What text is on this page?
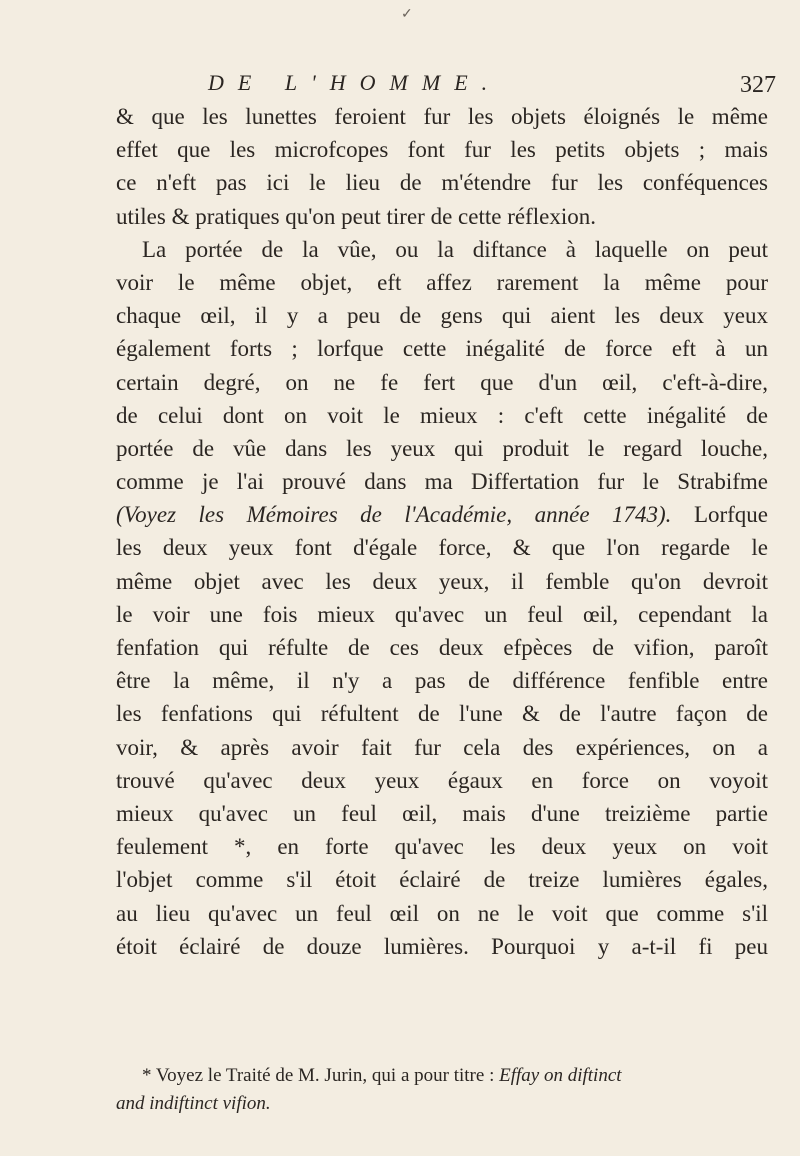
✓
DE L'HOMME.	327
& que les lunettes feroient fur les objets éloignés le même
effet que les microfcopes font fur les petits objets ; mais
ce n'eft pas ici le lieu de m'étendre fur les conféquences
utiles & pratiques qu'on peut tirer de cette réflexion.
La portée de la vûe, ou la diftance à laquelle on peut
voir le même objet, eft affez rarement la même pour
chaque œil, il y a peu de gens qui aient les deux yeux
également forts ; lorfque cette inégalité de force eft à un
certain degré, on ne fe fert que d'un œil, c'eft-à-dire,
de celui dont on voit le mieux : c'eft cette inégalité de
portée de vûe dans les yeux qui produit le regard louche,
comme je l'ai prouvé dans ma Differtation fur le Strabifme
(Voyez les Mémoires de l'Académie, année 1743). Lorfque
les deux yeux font d'égale force, & que l'on regarde le
même objet avec les deux yeux, il femble qu'on devroit
le voir une fois mieux qu'avec un feul œil, cependant la
fenfation qui réfulte de ces deux efpèces de vifion, paroît
être la même, il n'y a pas de différence fenfible entre
les fenfations qui réfultent de l'une & de l'autre façon de
voir, & après avoir fait fur cela des expériences, on a
trouvé qu'avec deux yeux égaux en force on voyoit
mieux qu'avec un feul œil, mais d'une treizième partie
feulement *, en forte qu'avec les deux yeux on voit
l'objet comme s'il étoit éclairé de treize lumières égales,
au lieu qu'avec un feul œil on ne le voit que comme s'il
étoit éclairé de douze lumières. Pourquoi y a-t-il fi peu
* Voyez le Traité de M. Jurin, qui a pour titre : Effay on diftinct
and indiftinct vifion.
